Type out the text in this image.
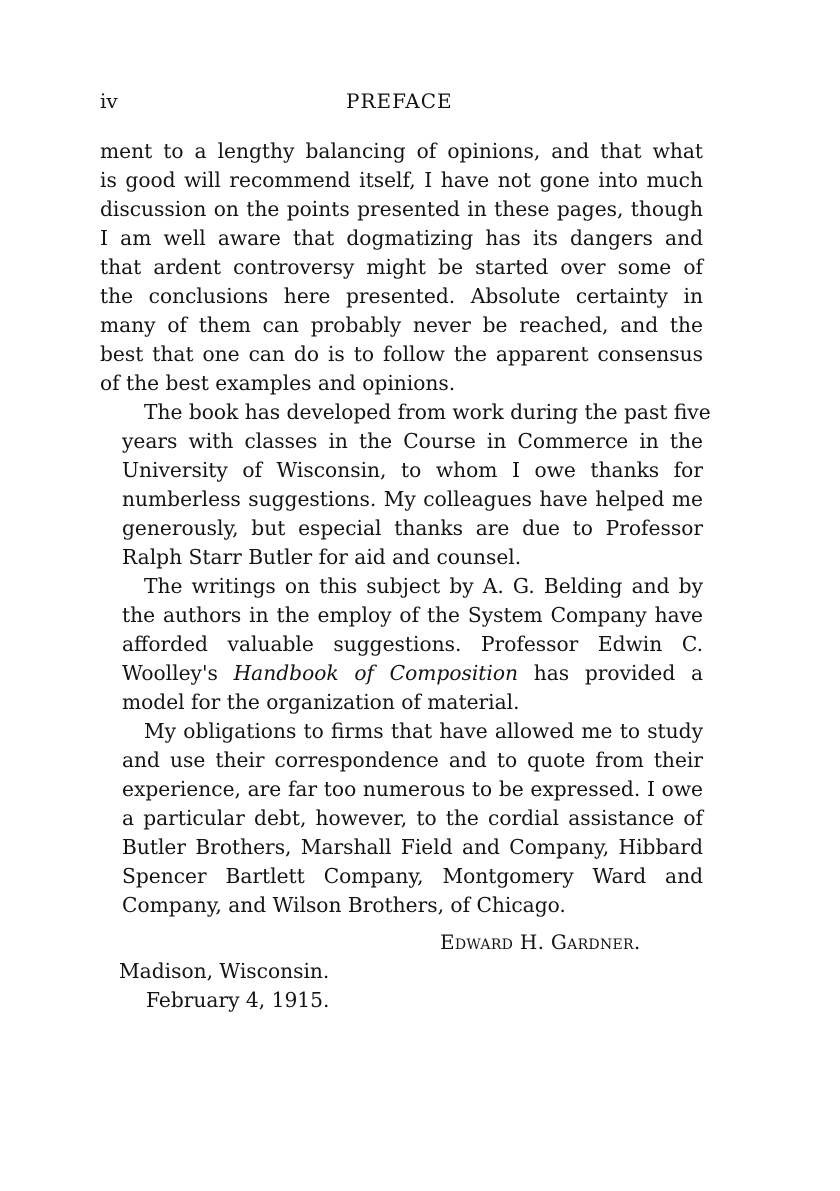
iv	PREFACE
ment to a lengthy balancing of opinions, and that what
is good will recommend itself, I have not gone into much
discussion on the points presented in these pages, though
I am well aware that dogmatizing has its dangers and
that ardent controversy might be started over some of
the conclusions here presented. Absolute certainty in
many of them can probably never be reached, and the
best that one can do is to follow the apparent consensus
of the best examples and opinions.
The book has developed from work during the past five
years with classes in the Course in Commerce in the
University of Wisconsin, to whom I owe thanks for
numberless suggestions. My colleagues have helped me
generously, but especial thanks are due to Professor
Ralph Starr Butler for aid and counsel.
The writings on this subject by A. G. Belding and by
the authors in the employ of the System Company have
afforded valuable suggestions. Professor Edwin C.
Woolley's Handbook of Composition has provided a
model for the organization of material.
My obligations to firms that have allowed me to study
and use their correspondence and to quote from their
experience, are far too numerous to be expressed. I owe
a particular debt, however, to the cordial assistance of
Butler Brothers, Marshall Field and Company, Hibbard
Spencer Bartlett Company, Montgomery Ward and
Company, and Wilson Brothers, of Chicago.
Edward H. Gardner.
Madison, Wisconsin.
February 4, 1915.
